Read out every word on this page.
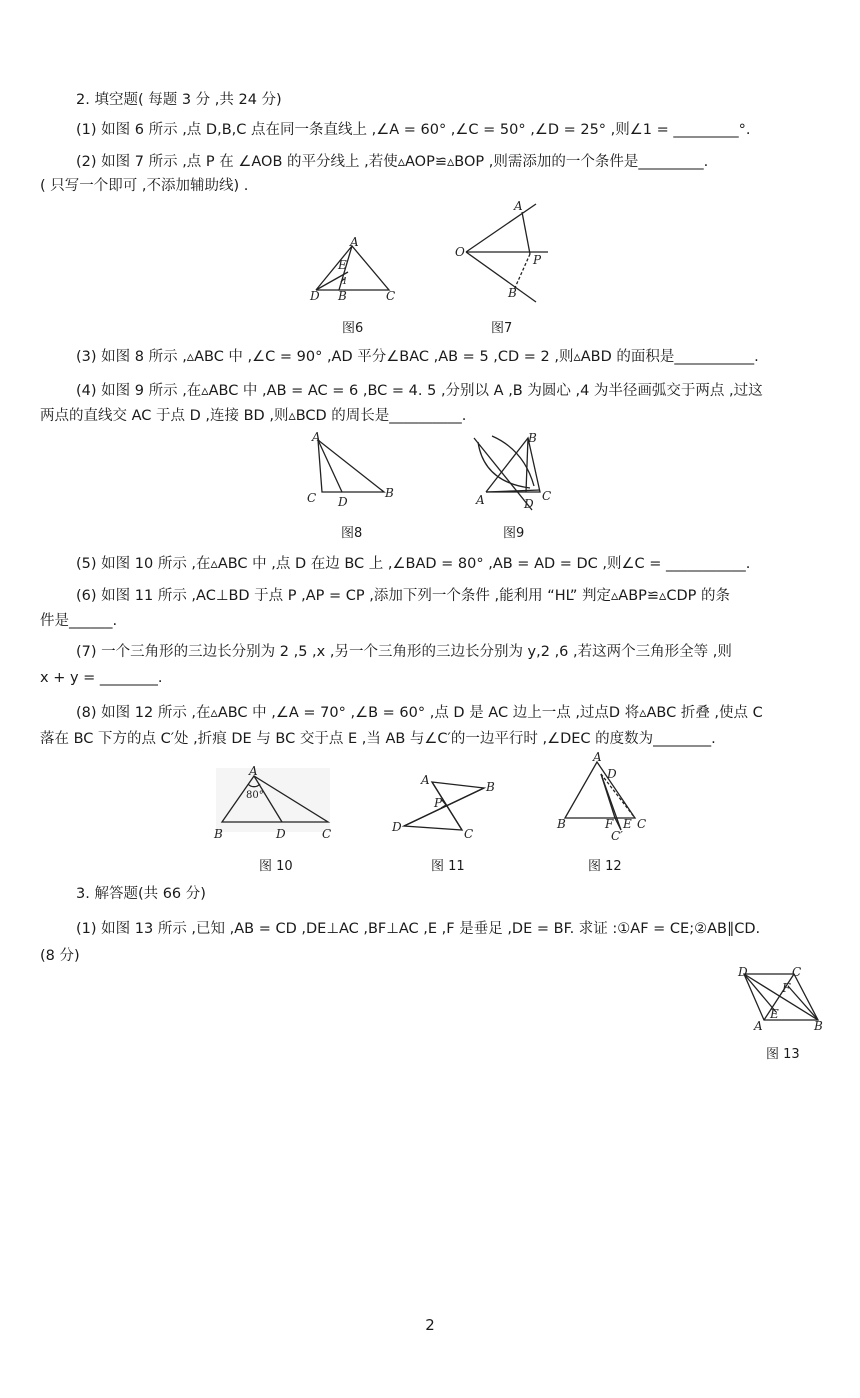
2. 填空题( 每题 3 分 ,共 24 分)
(1) 如图 6 所示 ,点 D,B,C 点在同一条直线上 ,∠A = 60° ,∠C = 50° ,∠D = 25° ,则∠1 = _________°.
(2) 如图 7 所示 ,点 P 在 ∠AOB 的平分线上 ,若使▵AOP≌▵BOP ,则需添加的一个条件是_________.
( 只写一个即可 ,不添加辅助线) .
A
E
1
D B	C
图6
A
O
P
B
图7
(3) 如图 8 所示 ,▵ABC 中 ,∠C = 90° ,AD 平分∠BAC ,AB = 5 ,CD = 2 ,则▵ABD 的面积是___________.
(4) 如图 9 所示 ,在▵ABC 中 ,AB = AC = 6 ,BC = 4. 5 ,分别以 A ,B 为圆心 ,4 为半径画弧交于两点 ,过这
两点的直线交 AC 于点 D ,连接 BD ,则▵BCD 的周长是__________.
A
C D
B
图8
B
A	D
C
图9
(5) 如图 10 所示 ,在▵ABC 中 ,点 D 在边 BC 上 ,∠BAD = 80° ,AB = AD = DC ,则∠C = ___________.
(6) 如图 11 所示 ,AC⊥BD 于点 P ,AP = CP ,添加下列一个条件 ,能利用 “HL” 判定▵ABP≌▵CDP 的条
件是______.
(7) 一个三角形的三边长分别为 2 ,5 ,x ,另一个三角形的三边长分别为 y,2 ,6 ,若这两个三角形全等 ,则
x + y = ________.
(8) 如图 12 所示 ,在▵ABC 中 ,∠A = 70° ,∠B = 60° ,点 D 是 AC 边上一点 ,过点D 将▵ABC 折叠 ,使点 C
落在 BC 下方的点 C′处 ,折痕 DE 与 BC 交于点 E ,当 AB 与∠C′的一边平行时 ,∠DEC 的度数为________.
A
80°
B	D	C
图 10
A	B
P
D	C
图 11
A
D
B	F E C
C′
图 12
3. 解答题(共 66 分)
(1) 如图 13 所示 ,已知 ,AB = CD ,DE⊥AC ,BF⊥AC ,E ,F 是垂足 ,DE = BF. 求证 :①AF = CE;②AB∥CD.
(8 分)
D	C
F
E
A	B
图 13
2
